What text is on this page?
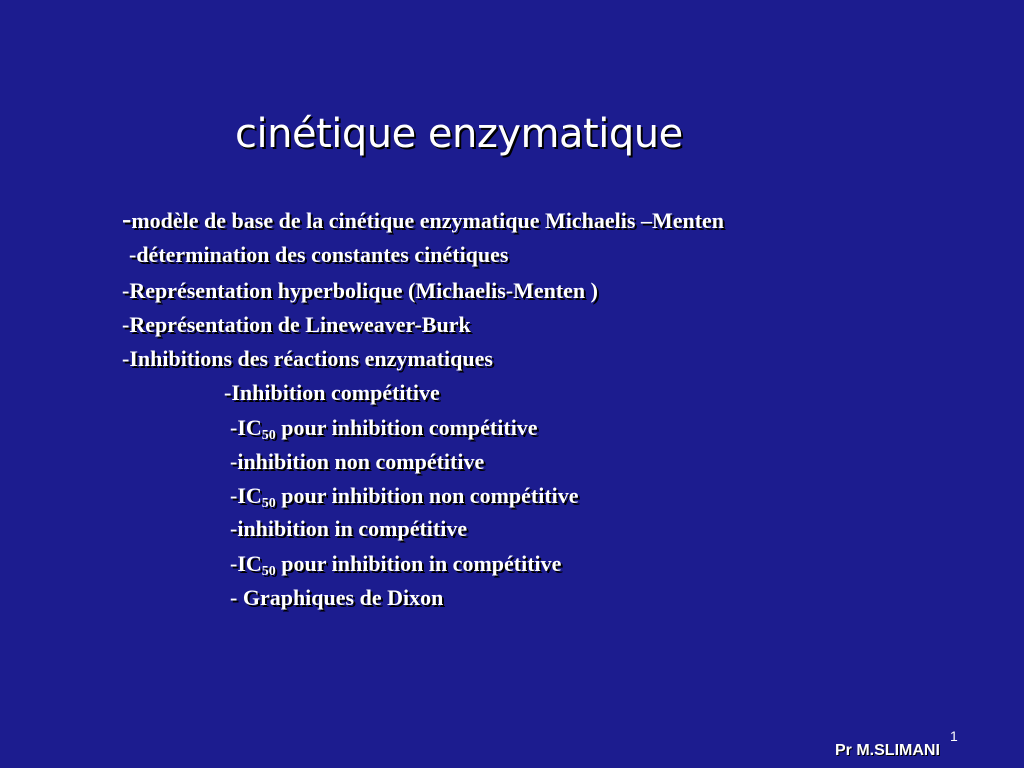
cinétique enzymatique
-modèle de base de la cinétique enzymatique Michaelis –Menten
-détermination des constantes cinétiques
-Représentation hyperbolique (Michaelis-Menten )
-Représentation de Lineweaver-Burk
-Inhibitions des réactions enzymatiques
-Inhibition compétitive
$-IC_{50}$ pour inhibition compétitive
-inhibition non compétitive
$-IC_{50}$ pour inhibition non compétitive
-inhibition in compétitive
$-IC_{50}$ pour inhibition in compétitive
- Graphiques de Dixon
1
Pr M.SLIMANI
